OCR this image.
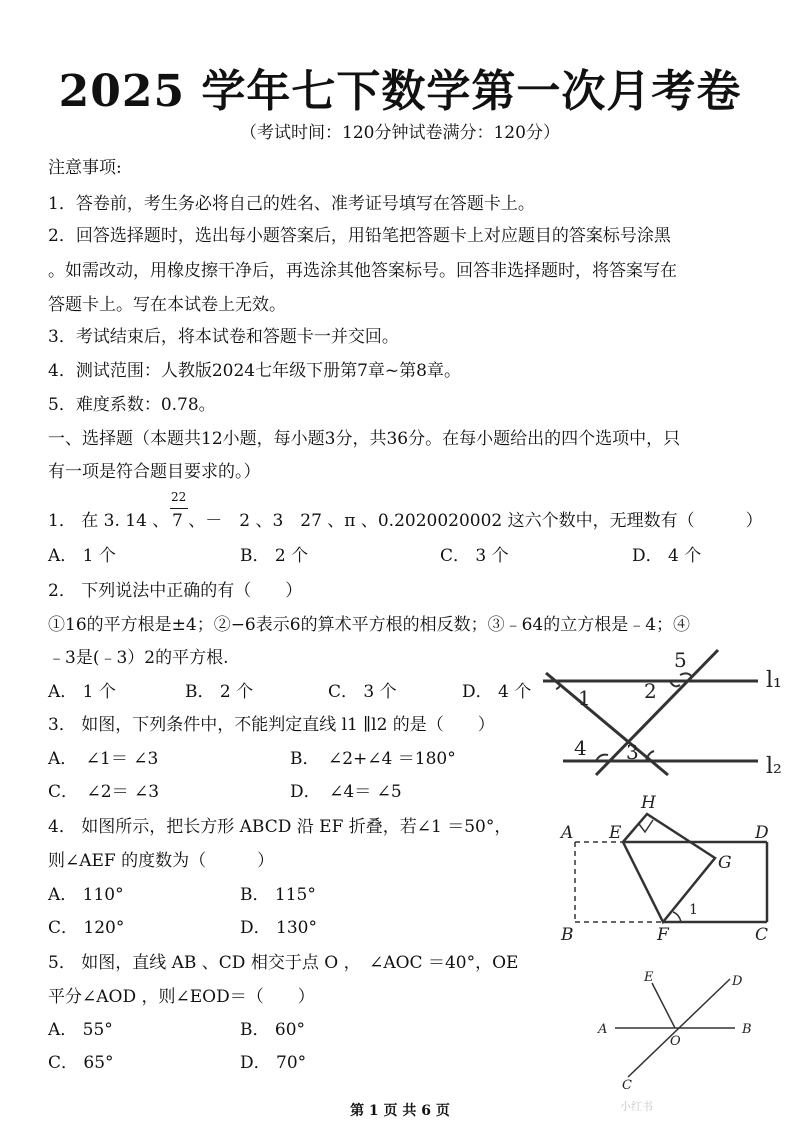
2025 学年七下数学第一次月考卷
（考试时间：120分钟试卷满分：120分）
注意事项:
1．答卷前，考生务必将自己的姓名、准考证号填写在答题卡上。
2．回答选择题时，选出每小题答案后，用铅笔把答题卡上对应题目的答案标号涂黑
。如需改动，用橡皮擦干净后，再选涂其他答案标号。回答非选择题时，将答案写在
答题卡上。写在本试卷上无效。
3．考试结束后，将本试卷和答题卡一并交回。
4．测试范围：人教版2024七年级下册第7章~第8章。
5．难度系数：0.78。
一、选择题（本题共12小题，每小题3分，共36分。在每小题给出的四个选项中，只
有一项是符合题目要求的。）
22
1． 在 3. 14 、 7 、－　2 、3　27 、π 、0.2020020002 这六个数中，无理数有（　　　）
A． 1 个	B． 2 个	C． 3 个	D． 4 个
2． 下列说法中正确的有（　　）
①16的平方根是±4；②−6表示6的算术平方根的相反数；③﹣64的立方根是﹣4；④
﹣3是(﹣3）2的平方根.
A． 1 个	B． 2 个	C． 3 个	D． 4 个
3． 如图，下列条件中，不能判定直线 l1 ∥l2 的是（　　）
A．　∠1＝ ∠3	B．　∠2+∠4 ＝180°
C．　∠2＝ ∠3	D．　∠4＝ ∠5
l₁
l₂
1	2
5
4 3
4． 如图所示，把长方形 ABCD 沿 EF 折叠，若∠1 ＝50°，
则∠AEF 的度数为（　　　）
A． 110°	B． 115°
C． 120°	D． 130°
A
B	C
D
E
F
G
H
1
5． 如图，直线 AB 、CD 相交于点 O ，　∠AOC ＝40°，OE
平分∠AOD ，则∠EOD＝（　　）
A． 55°	B． 60°
C． 65°	D． 70°
A	B
C
D
E
O
小红书
第 1 页 共 6 页
